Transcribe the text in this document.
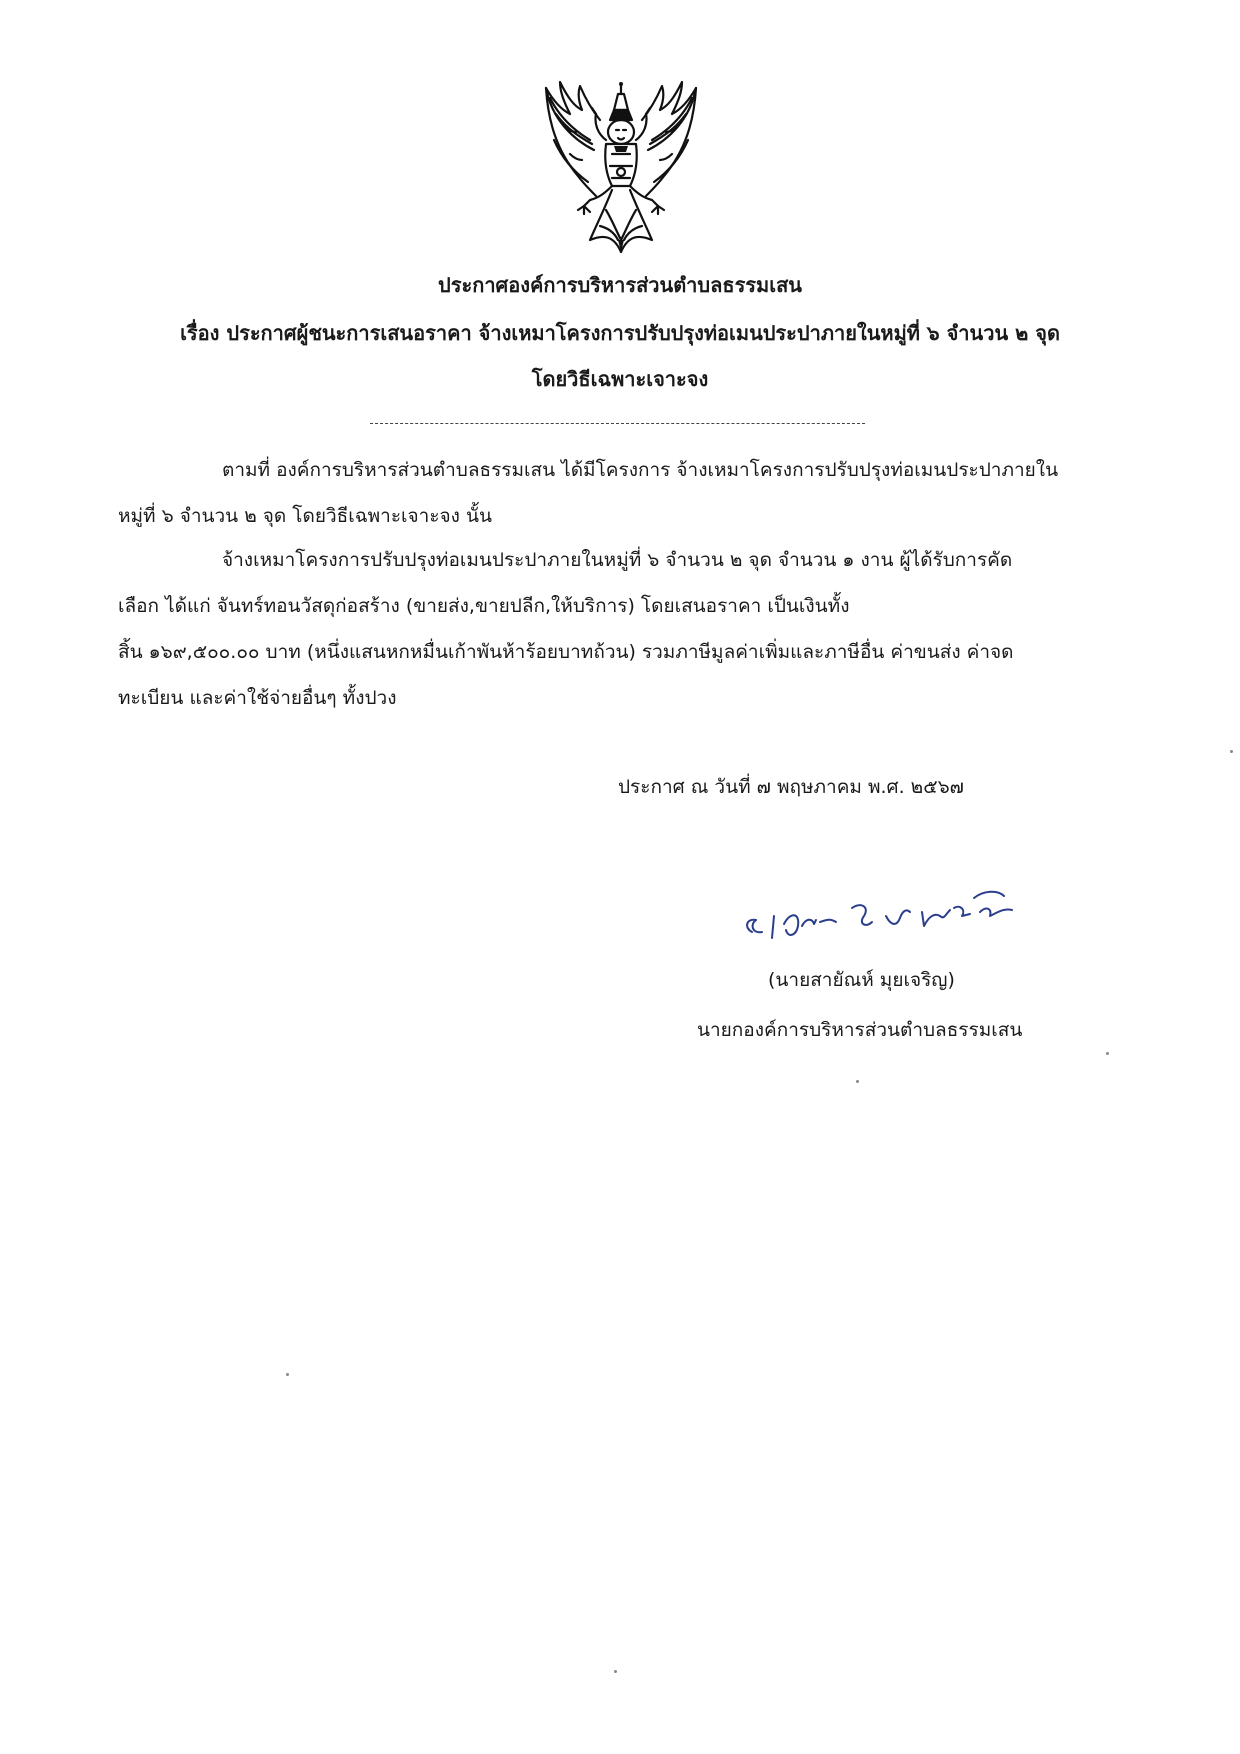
ประกาศองค์การบริหารส่วนตำบลธรรมเสน
เรื่อง ประกาศผู้ชนะการเสนอราคา จ้างเหมาโครงการปรับปรุงท่อเมนประปาภายในหมู่ที่ ๖ จำนวน ๒ จุด
โดยวิธีเฉพาะเจาะจง
ตามที่ องค์การบริหารส่วนตำบลธรรมเสน ได้มีโครงการ จ้างเหมาโครงการปรับปรุงท่อเมนประปาภายใน
หมู่ที่ ๖ จำนวน ๒ จุด โดยวิธีเฉพาะเจาะจง นั้น
จ้างเหมาโครงการปรับปรุงท่อเมนประปาภายในหมู่ที่ ๖ จำนวน ๒ จุด จำนวน ๑ งาน ผู้ได้รับการคัด
เลือก ได้แก่ จันทร์ทอนวัสดุก่อสร้าง (ขายส่ง,ขายปลีก,ให้บริการ) โดยเสนอราคา เป็นเงินทั้ง
สิ้น ๑๖๙,๕๐๐.๐๐ บาท (หนึ่งแสนหกหมื่นเก้าพันห้าร้อยบาทถ้วน) รวมภาษีมูลค่าเพิ่มและภาษีอื่น ค่าขนส่ง ค่าจด
ทะเบียน และค่าใช้จ่ายอื่นๆ ทั้งปวง
ประกาศ ณ วันที่ ๗ พฤษภาคม พ.ศ. ๒๕๖๗
(นายสายัณห์ มุยเจริญ)
นายกองค์การบริหารส่วนตำบลธรรมเสน
